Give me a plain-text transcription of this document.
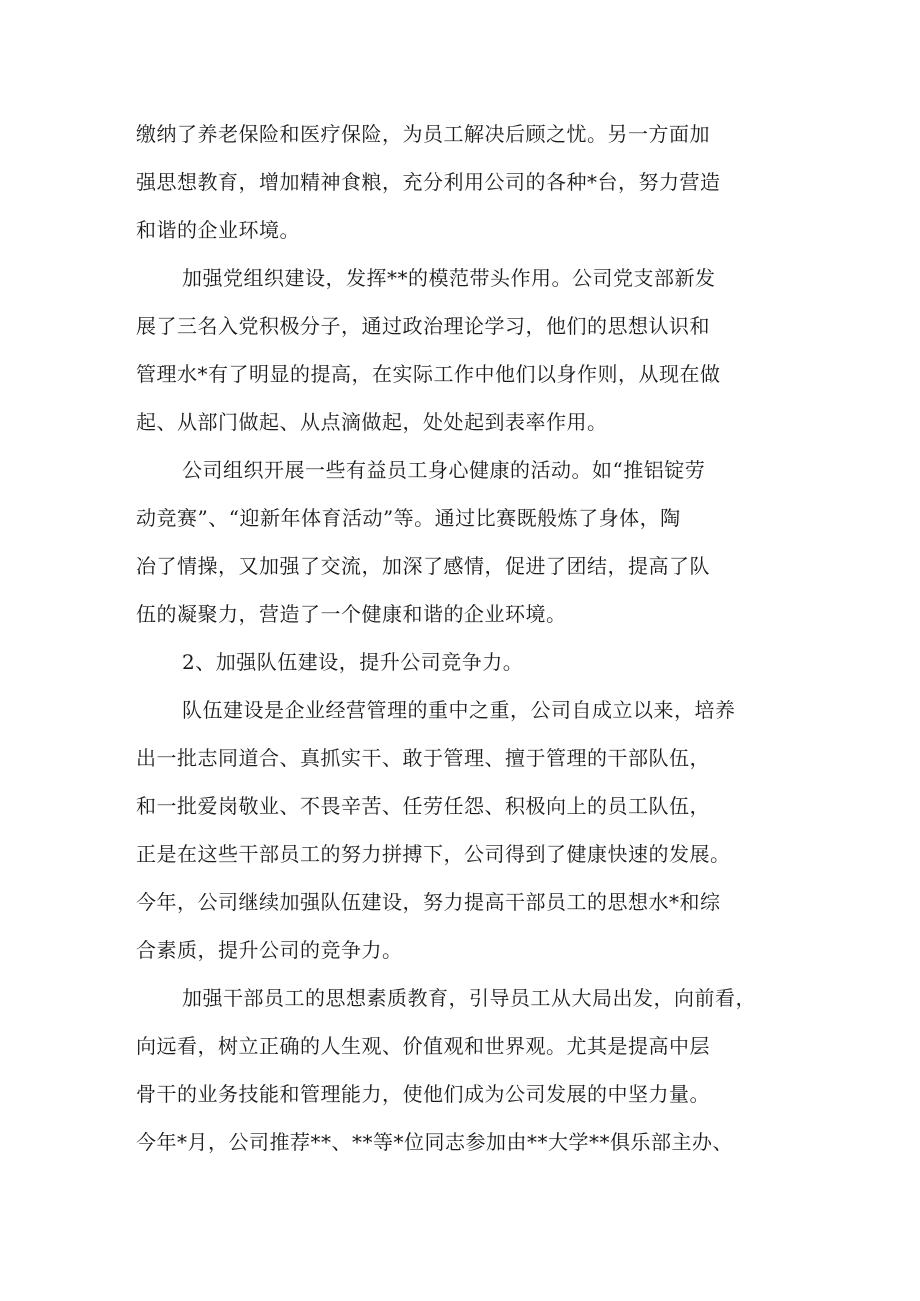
缴纳了养老保险和医疗保险，为员工解决后顾之忧。另一方面加
强思想教育，增加精神食粮，充分利用公司的各种*台，努力营造
和谐的企业环境。
加强党组织建设，发挥**的模范带头作用。公司党支部新发
展了三名入党积极分子，通过政治理论学习，他们的思想认识和
管理水*有了明显的提高，在实际工作中他们以身作则，从现在做
起、从部门做起、从点滴做起，处处起到表率作用。
公司组织开展一些有益员工身心健康的活动。如“推铝锭劳
动竞赛”、“迎新年体育活动”等。通过比赛既般炼了身体，陶
冶了情操，又加强了交流，加深了感情，促进了团结，提高了队
伍的凝聚力，营造了一个健康和谐的企业环境。
2、加强队伍建设，提升公司竞争力。
队伍建设是企业经营管理的重中之重，公司自成立以来，培养
出一批志同道合、真抓实干、敢于管理、擅于管理的干部队伍，
和一批爱岗敬业、不畏辛苦、任劳任怨、积极向上的员工队伍，
正是在这些干部员工的努力拼搏下，公司得到了健康快速的发展。
今年，公司继续加强队伍建设，努力提高干部员工的思想水*和综
合素质，提升公司的竞争力。
加强干部员工的思想素质教育，引导员工从大局出发，向前看，
向远看，树立正确的人生观、价值观和世界观。尤其是提高中层
骨干的业务技能和管理能力，使他们成为公司发展的中坚力量。
今年*月，公司推荐**、**等*位同志参加由**大学**俱乐部主办、
